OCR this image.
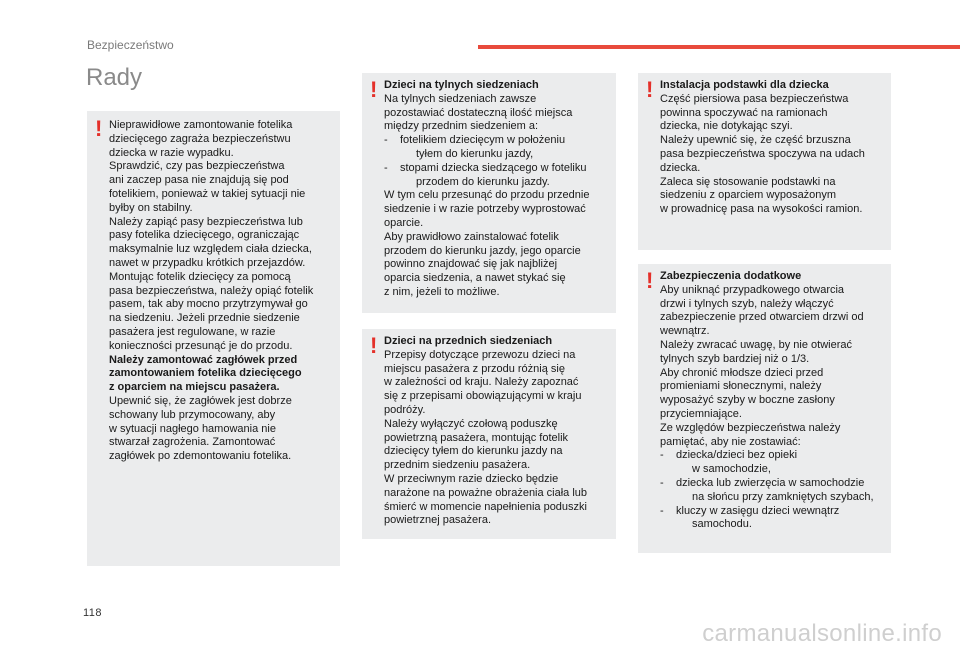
Bezpieczeństwo
Rady
! Nieprawidłowe zamontowanie fotelika
dziecięcego zagraża bezpieczeństwu
dziecka w razie wypadku.
Sprawdzić, czy pas bezpieczeństwa
ani zaczep pasa nie znajdują się pod
fotelikiem, ponieważ w takiej sytuacji nie
byłby on stabilny.
Należy zapiąć pasy bezpieczeństwa lub
pasy fotelika dziecięcego, ograniczając
maksymalnie luz względem ciała dziecka,
nawet w przypadku krótkich przejazdów.
Montując fotelik dziecięcy za pomocą
pasa bezpieczeństwa, należy opiąć fotelik
pasem, tak aby mocno przytrzymywał go
na siedzeniu. Jeżeli przednie siedzenie
pasażera jest regulowane, w razie
konieczności przesunąć je do przodu.
Należy zamontować zagłówek przed
zamontowaniem fotelika dziecięcego
z oparciem na miejscu pasażera.
Upewnić się, że zagłówek jest dobrze
schowany lub przymocowany, aby
w sytuacji nagłego hamowania nie
stwarzał zagrożenia. Zamontować
zagłówek po zdemontowaniu fotelika.
! Dzieci na tylnych siedzeniach
Na tylnych siedzeniach zawsze
pozostawiać dostateczną ilość miejsca
między przednim siedzeniem a:
- fotelikiem dziecięcym w położeniu
tyłem do kierunku jazdy,
- stopami dziecka siedzącego w foteliku
przodem do kierunku jazdy.
W tym celu przesunąć do przodu przednie
siedzenie i w razie potrzeby wyprostować
oparcie.
Aby prawidłowo zainstalować fotelik
przodem do kierunku jazdy, jego oparcie
powinno znajdować się jak najbliżej
oparcia siedzenia, a nawet stykać się
z nim, jeżeli to możliwe.
! Dzieci na przednich siedzeniach
Przepisy dotyczące przewozu dzieci na
miejscu pasażera z przodu różnią się
w zależności od kraju. Należy zapoznać
się z przepisami obowiązującymi w kraju
podróży.
Należy wyłączyć czołową poduszkę
powietrzną pasażera, montując fotelik
dziecięcy tyłem do kierunku jazdy na
przednim siedzeniu pasażera.
W przeciwnym razie dziecko będzie
narażone na poważne obrażenia ciała lub
śmierć w momencie napełnienia poduszki
powietrznej pasażera.
! Instalacja podstawki dla dziecka
Część piersiowa pasa bezpieczeństwa
powinna spoczywać na ramionach
dziecka, nie dotykając szyi.
Należy upewnić się, że część brzuszna
pasa bezpieczeństwa spoczywa na udach
dziecka.
Zaleca się stosowanie podstawki na
siedzeniu z oparciem wyposażonym
w prowadnicę pasa na wysokości ramion.
! Zabezpieczenia dodatkowe
Aby uniknąć przypadkowego otwarcia
drzwi i tylnych szyb, należy włączyć
zabezpieczenie przed otwarciem drzwi od
wewnątrz.
Należy zwracać uwagę, by nie otwierać
tylnych szyb bardziej niż o 1/3.
Aby chronić młodsze dzieci przed
promieniami słonecznymi, należy
wyposażyć szyby w boczne zasłony
przyciemniające.
Ze względów bezpieczeństwa należy
pamiętać, aby nie zostawiać:
- dziecka/dzieci bez opieki
w samochodzie,
- dziecka lub zwierzęcia w samochodzie
na słońcu przy zamkniętych szybach,
- kluczy w zasięgu dzieci wewnątrz
samochodu.
118
carmanualsonline.info
